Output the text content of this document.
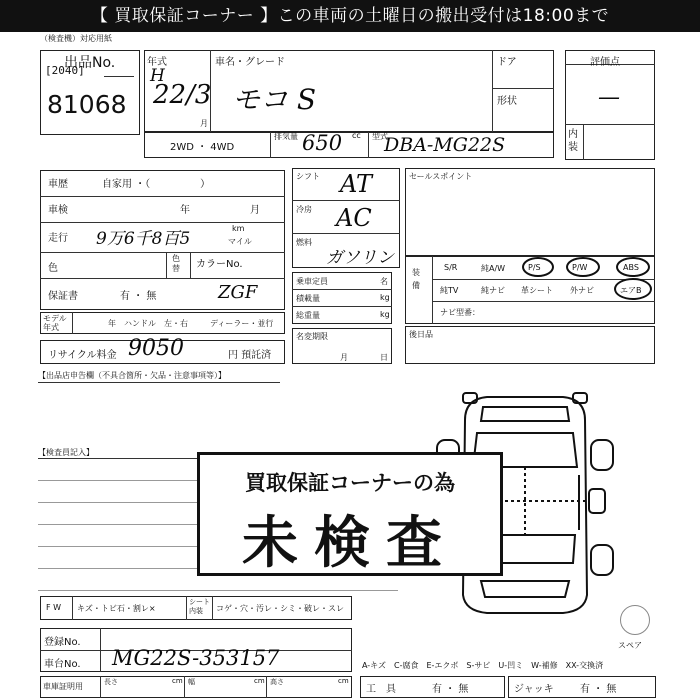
【 買取保証コーナー 】この車両の土曜日の搬出受付は18:00まで
（検査機）対応用紙
出品No.
[2040]
81068
年式
H
22/3
月
車名・グレード
モコ S
ドア
形状
評価点
—
内装
2WD ・ 4WD
排気量 650 cc 型式
DBA-MG22S
車歴	自家用 ・（　　　　　）
車検	年	月
走行 9万6千8百5
km
マイル
色
色替	カラーNo.
保証書	有 ・ 無	ZGF
モデル年式	年 ハンドル　左・右	ディーラー・並行
リサイクル料金 9050	円 預託済
シフト AT
冷房 AC
燃料
ガソリン
乗車定員	名
積載量	kg
総重量	kg
名変期限
月	日
セールスポイント
装備
S/R	純A/W	P/S	P/W	ABS
純TV	純ナビ 革シート 外ナビ	エアB
ナビ型番：
後日品
【出品店申告欄（不具合箇所・欠品・注意事項等）】
【検査員記入】
スペア
買取保証コーナーの為
未検査
F W キズ・トビ石・割レ×
シート内装	コゲ・穴・汚レ・シミ・破レ・スレ
登録No.
車台No. MG22S-353157
車庫証明用	長さ	cm 幅	cm 高さ	cm
A-キズ　C-腐食　E-エクボ　S-サビ　U-凹ミ　W-補修　XX-交換済
工　具	有 ・ 無	ジャッキ	有 ・ 無
